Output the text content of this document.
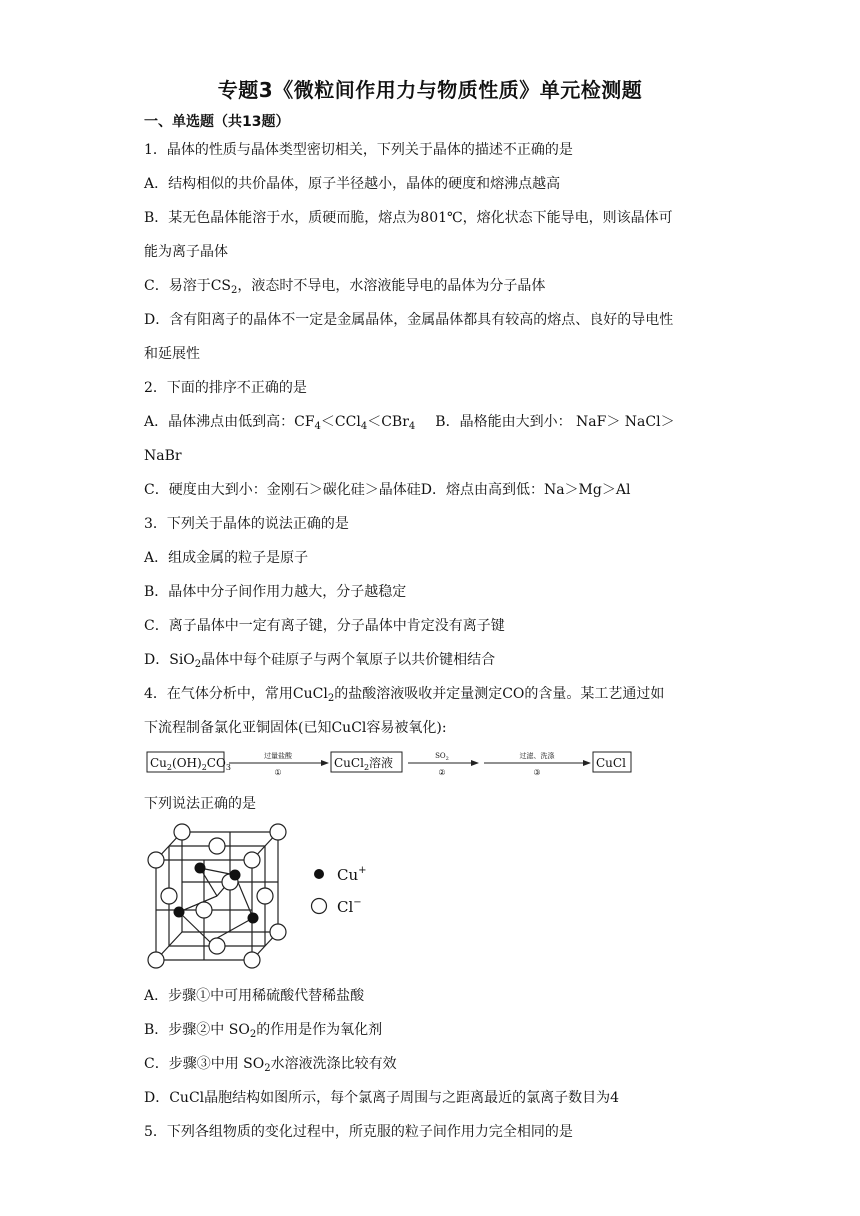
专题3《微粒间作用力与物质性质》单元检测题
一、单选题（共13题）
1．晶体的性质与晶体类型密切相关，下列关于晶体的描述不正确的是
A．结构相似的共价晶体，原子半径越小，晶体的硬度和熔沸点越高
B．某无色晶体能溶于水，质硬而脆，熔点为801℃，熔化状态下能导电，则该晶体可
能为离子晶体
C．易溶于$CS_2$，液态时不导电，水溶液能导电的晶体为分子晶体
D．含有阳离子的晶体不一定是金属晶体，金属晶体都具有较高的熔点、良好的导电性
和延展性
2．下面的排序不正确的是
A．晶体沸点由低到高：$CF_4<CCl_4<CBr_4$ B．晶格能由大到小： NaF＞ NaCl＞
NaBr
C．硬度由大到小：金刚石＞碳化硅＞晶体硅D．熔点由高到低：Na＞Mg＞Al
3．下列关于晶体的说法正确的是
A．组成金属的粒子是原子
B．晶体中分子间作用力越大，分子越稳定
C．离子晶体中一定有离子键，分子晶体中肯定没有离子键
D．SiO$_2$晶体中每个硅原子与两个氧原子以共价键相结合
4．在气体分析中，常用CuCl$_2$的盐酸溶液吸收并定量测定CO的含量。某工艺通过如
下流程制备氯化亚铜固体(已知CuCl容易被氧化):
$Cu_2(OH)_2CO_3$
过量盐酸
①
CuCl$_2$溶液	$SO_2$
②
过滤、洗涤
③
CuCl
下列说法正确的是
Cu+
Cl−
A．步骤①中可用稀硫酸代替稀盐酸
B．步骤②中 $SO_2$的作用是作为氧化剂
C．步骤③中用 $SO_2$水溶液洗涤比较有效
D．CuCl晶胞结构如图所示，每个氯离子周围与之距离最近的氯离子数目为4
5．下列各组物质的变化过程中，所克服的粒子间作用力完全相同的是
